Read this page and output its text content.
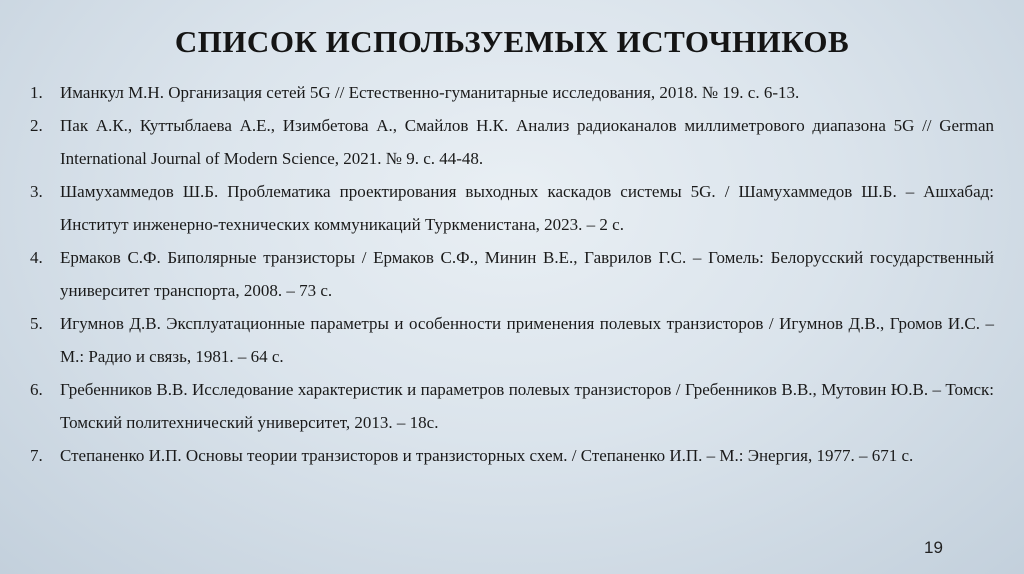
СПИСОК ИСПОЛЬЗУЕМЫХ ИСТОЧНИКОВ
1.	Иманкул М.Н. Организация сетей 5G // Естественно-гуманитарные исследования, 2018. № 19. с. 6-13.
2.	Пак А.К., Куттыблаева А.Е., Изимбетова А., Смайлов Н.К. Анализ радиоканалов миллиметрового диапазона 5G // German International Journal of Modern Science, 2021. № 9. с. 44-48.
3.	Шамухаммедов Ш.Б. Проблематика проектирования выходных каскадов системы 5G. / Шамухаммедов Ш.Б. – Ашхабад: Институт инженерно-технических коммуникаций Туркменистана, 2023. – 2 с.
4.	Ермаков С.Ф. Биполярные транзисторы / Ермаков С.Ф., Минин В.Е., Гаврилов Г.С. – Гомель: Белорусский государственный университет транспорта, 2008. – 73 с.
5.	Игумнов Д.В. Эксплуатационные параметры и особенности применения полевых транзисторов / Игумнов Д.В., Громов И.С. – М.: Радио и связь, 1981. – 64 с.
6.	Гребенников В.В. Исследование характеристик и параметров полевых транзисторов / Гребенников В.В., Мутовин Ю.В. – Томск: Томский политехнический университет, 2013. – 18с.
7.	Степаненко И.П. Основы теории транзисторов и транзисторных схем. / Степаненко И.П. – М.: Энергия, 1977. – 671 с.
19
